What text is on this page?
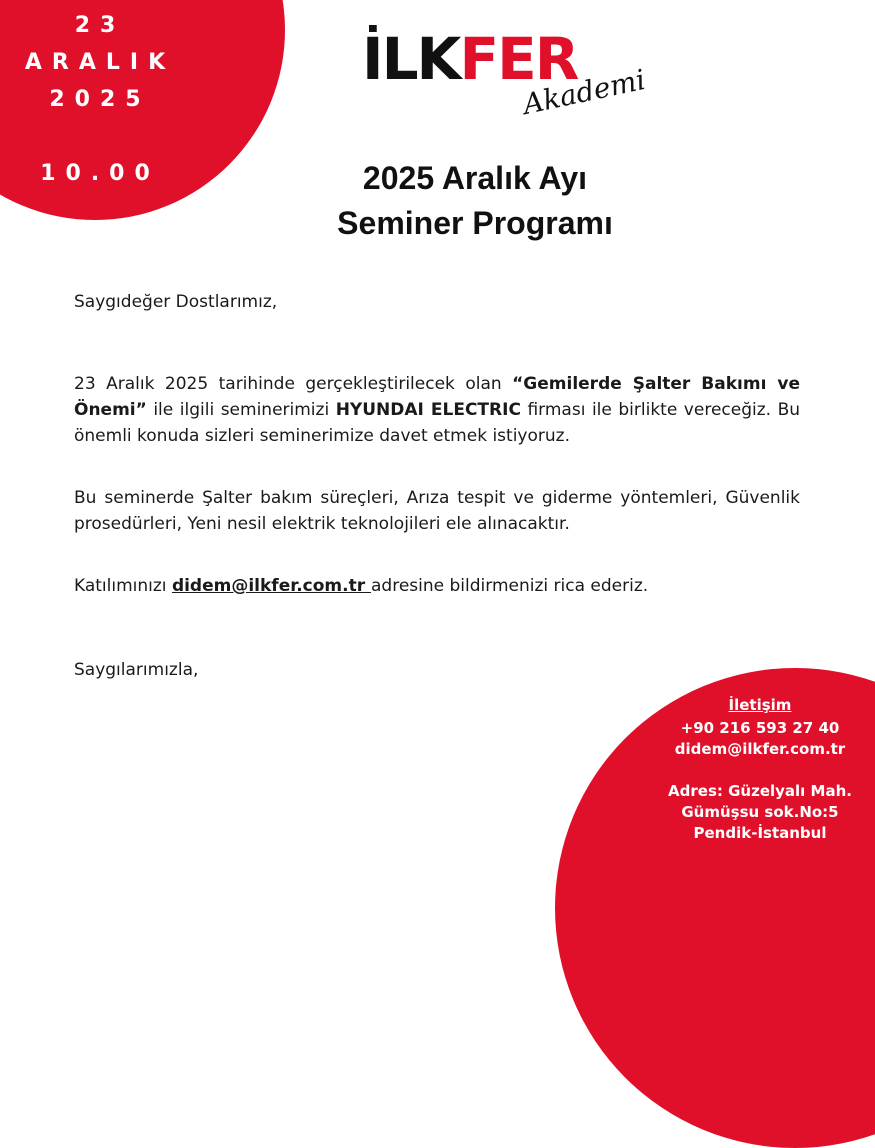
23
ARALIK
2025
10.00
İLKFER
Akademi
2025 Aralık Ayı
Seminer Programı
Saygıdeğer Dostlarımız,
23 Aralık 2025 tarihinde gerçekleştirilecek olan “Gemilerde Şalter Bakımı ve Önemi” ile ilgili seminerimizi HYUNDAI ELECTRIC firması ile birlikte vereceğiz. Bu önemli konuda sizleri seminerimize davet etmek istiyoruz.
Bu seminerde Şalter bakım süreçleri, Arıza tespit ve giderme yöntemleri, Güvenlik prosedürleri, Yeni nesil elektrik teknolojileri ele alınacaktır.
Katılımınızı didem@ilkfer.com.tr adresine bildirmenizi rica ederiz.
Saygılarımızla,
İletişim
+90 216 593 27 40
didem@ilkfer.com.tr
Adres: Güzelyalı Mah.
Gümüşsu sok.No:5
Pendik-İstanbul
